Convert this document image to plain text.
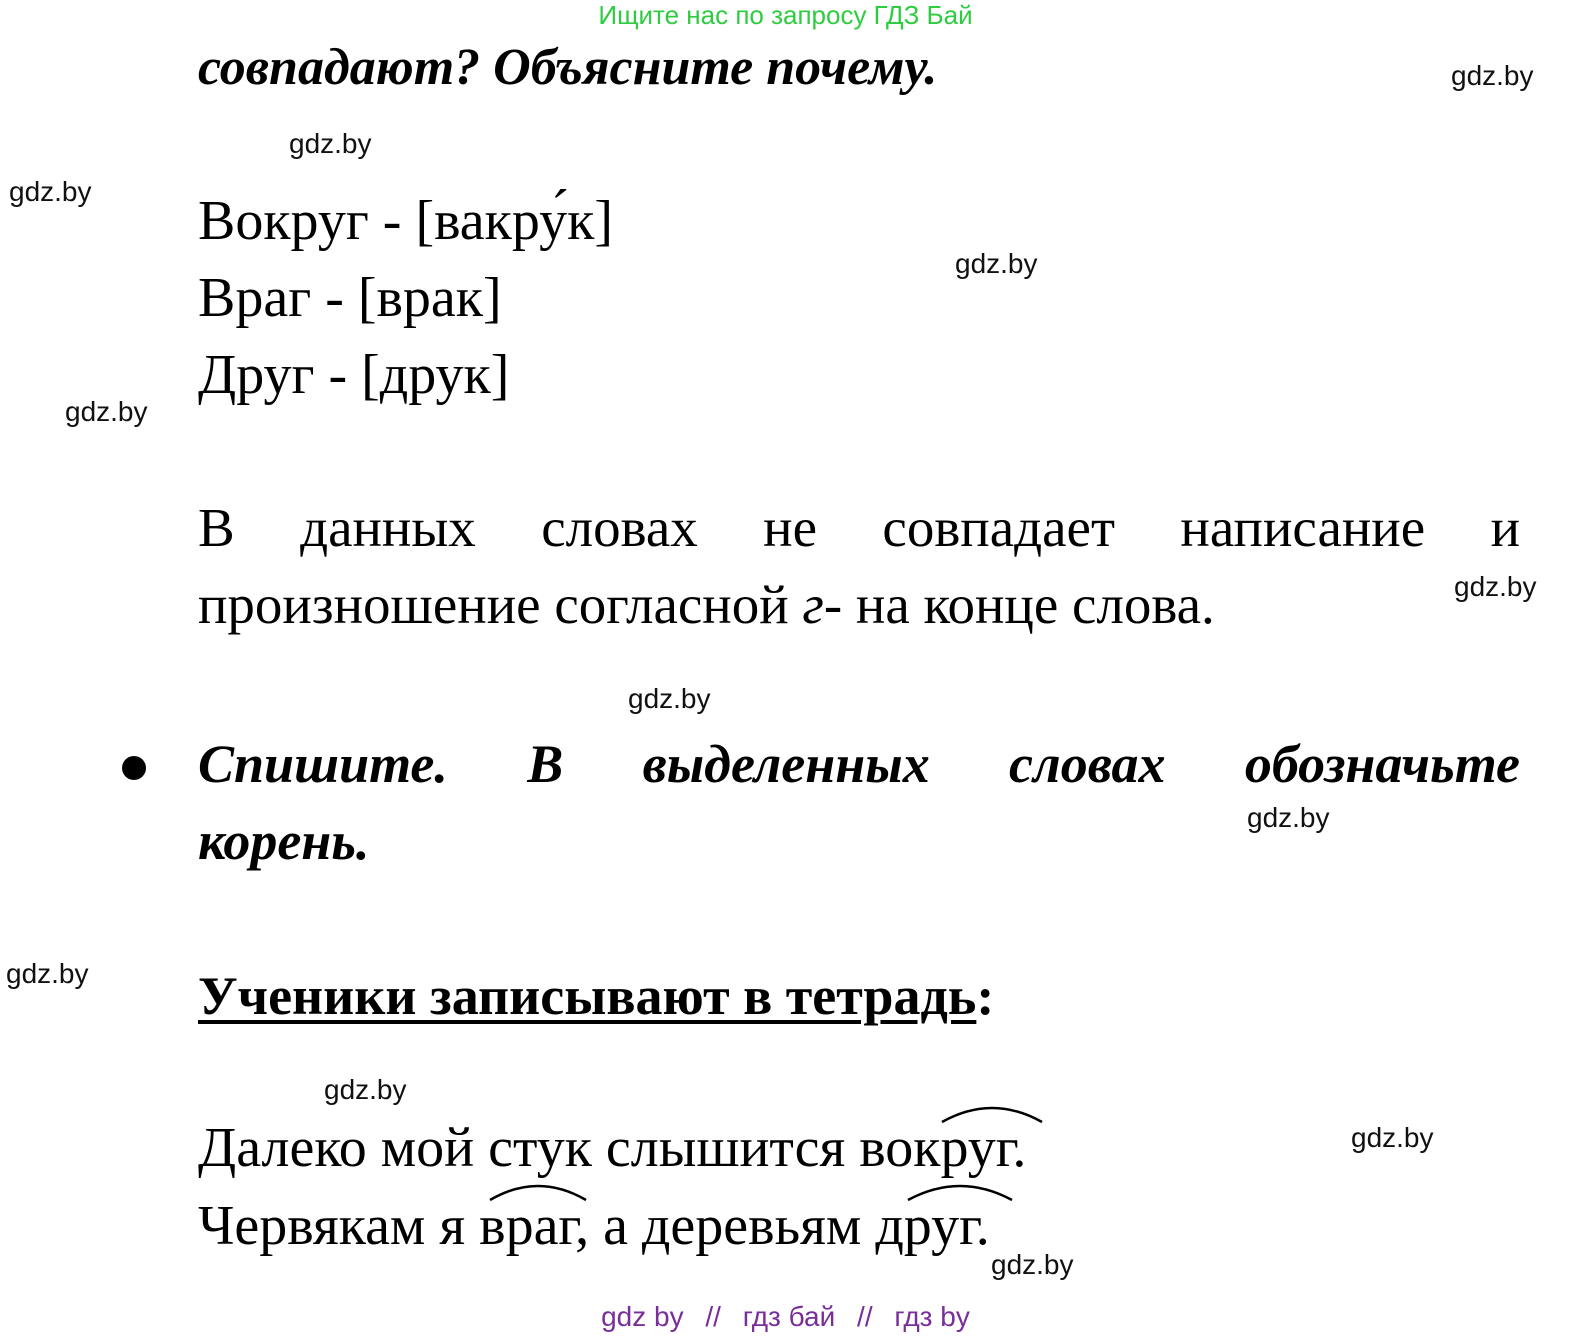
Ищите нас по запросу ГДЗ Бай
совпадают? Объясните почему.
Вокруг - [вакру́к]
Враг - [врак]
Друг - [друк]
В данных словах не совпадает написание и
произношение согласной г- на конце слова.
Спишите. В выделенных словах обозначьте
корень.
Ученики записывают в тетрадь:
Далеко мой стук слышится вокруг.
Червякам я враг, а деревьям друг.
gdz.by
gdz.by
gdz.by
gdz.by
gdz.by
gdz.by
gdz.by
gdz.by
gdz.by
gdz.by
gdz.by
gdz.by
gdz by // гдз бай // гдз by
